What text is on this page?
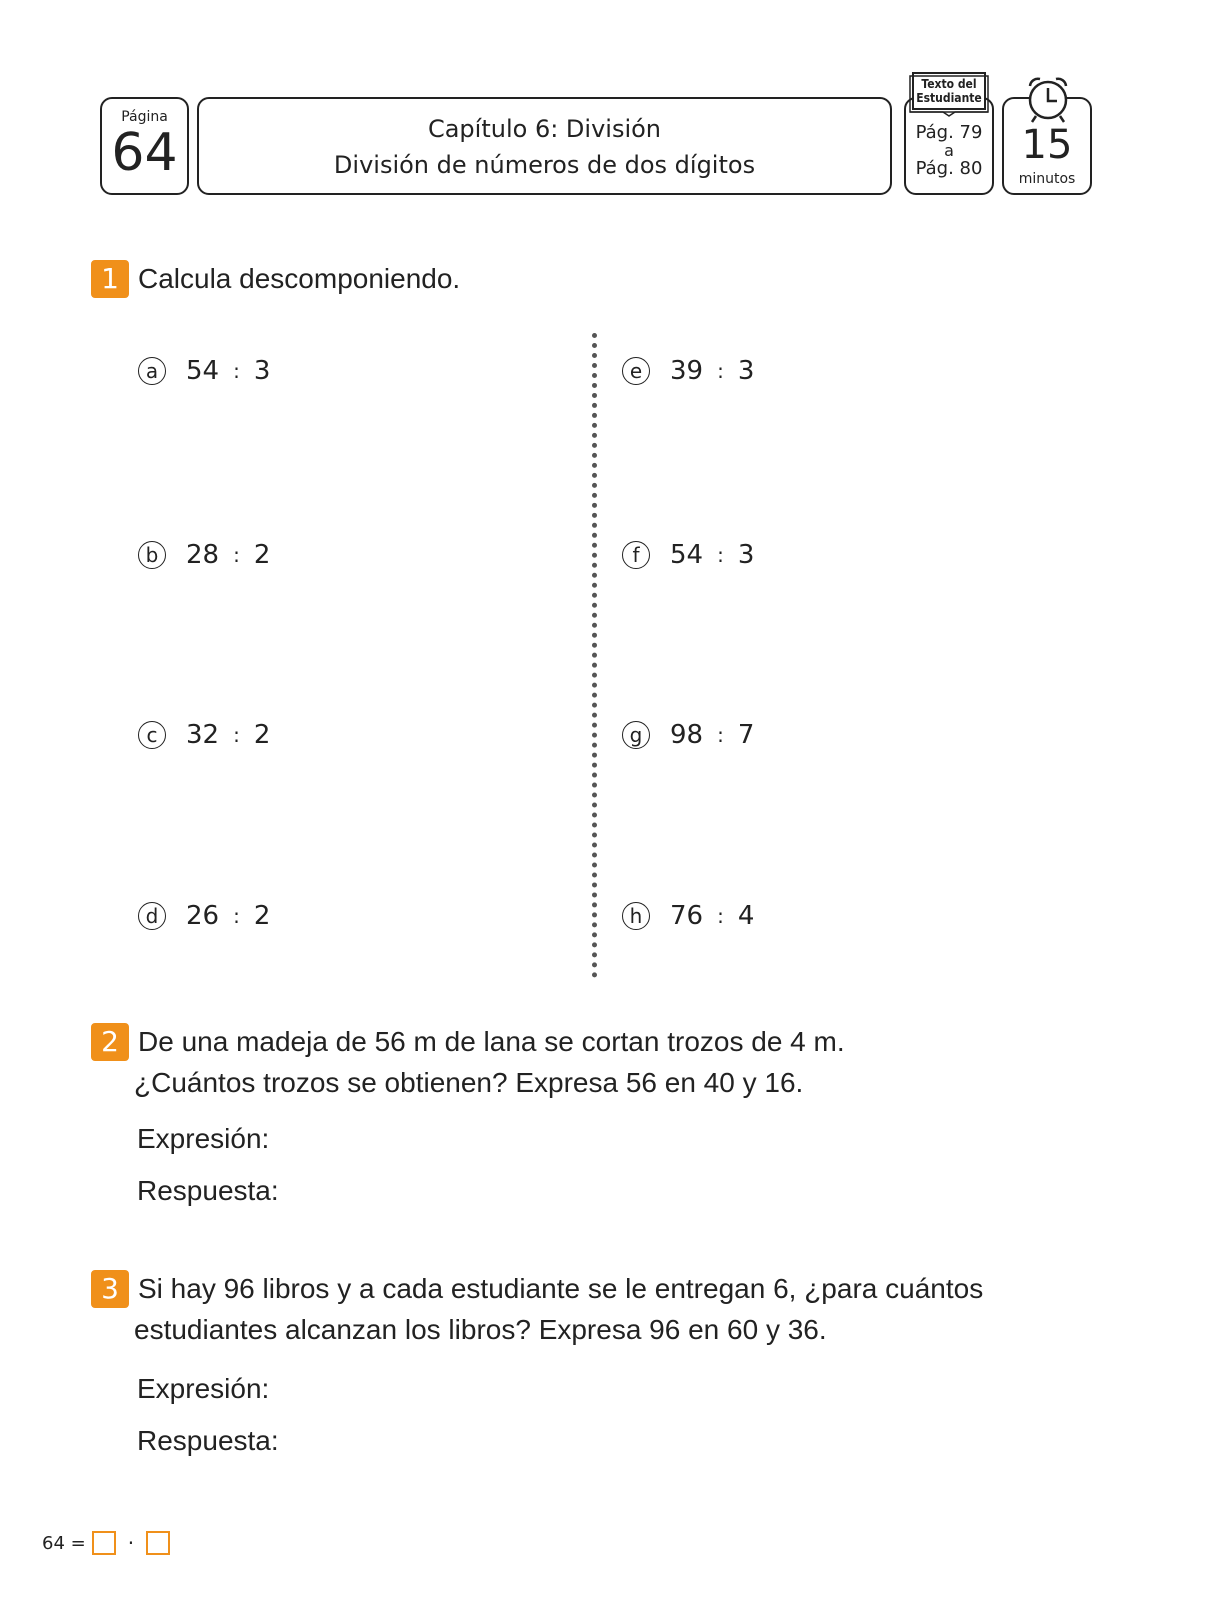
Página
64	Capítulo 6: División
División de números de dos dígitos
Pág. 79
a
Pág. 80
Texto del Estudiante
15
minutos
1 Calcula descomponiendo.
a	54 : 3
b 28 : 2
c	32 : 2
d 26 : 2
e	39 : 3
f	54 : 3
g 98 : 7
h 76 : 4
2 De una madeja de 56 m de lana se cortan trozos de 4 m.
¿Cuántos trozos se obtienen? Expresa 56 en 40 y 16.
Expresión:
Respuesta:
3 Si hay 96 libros y a cada estudiante se le entregan 6, ¿para cuántos
estudiantes alcanzan los libros? Expresa 96 en 60 y 36.
Expresión:
Respuesta:
64 = ·
